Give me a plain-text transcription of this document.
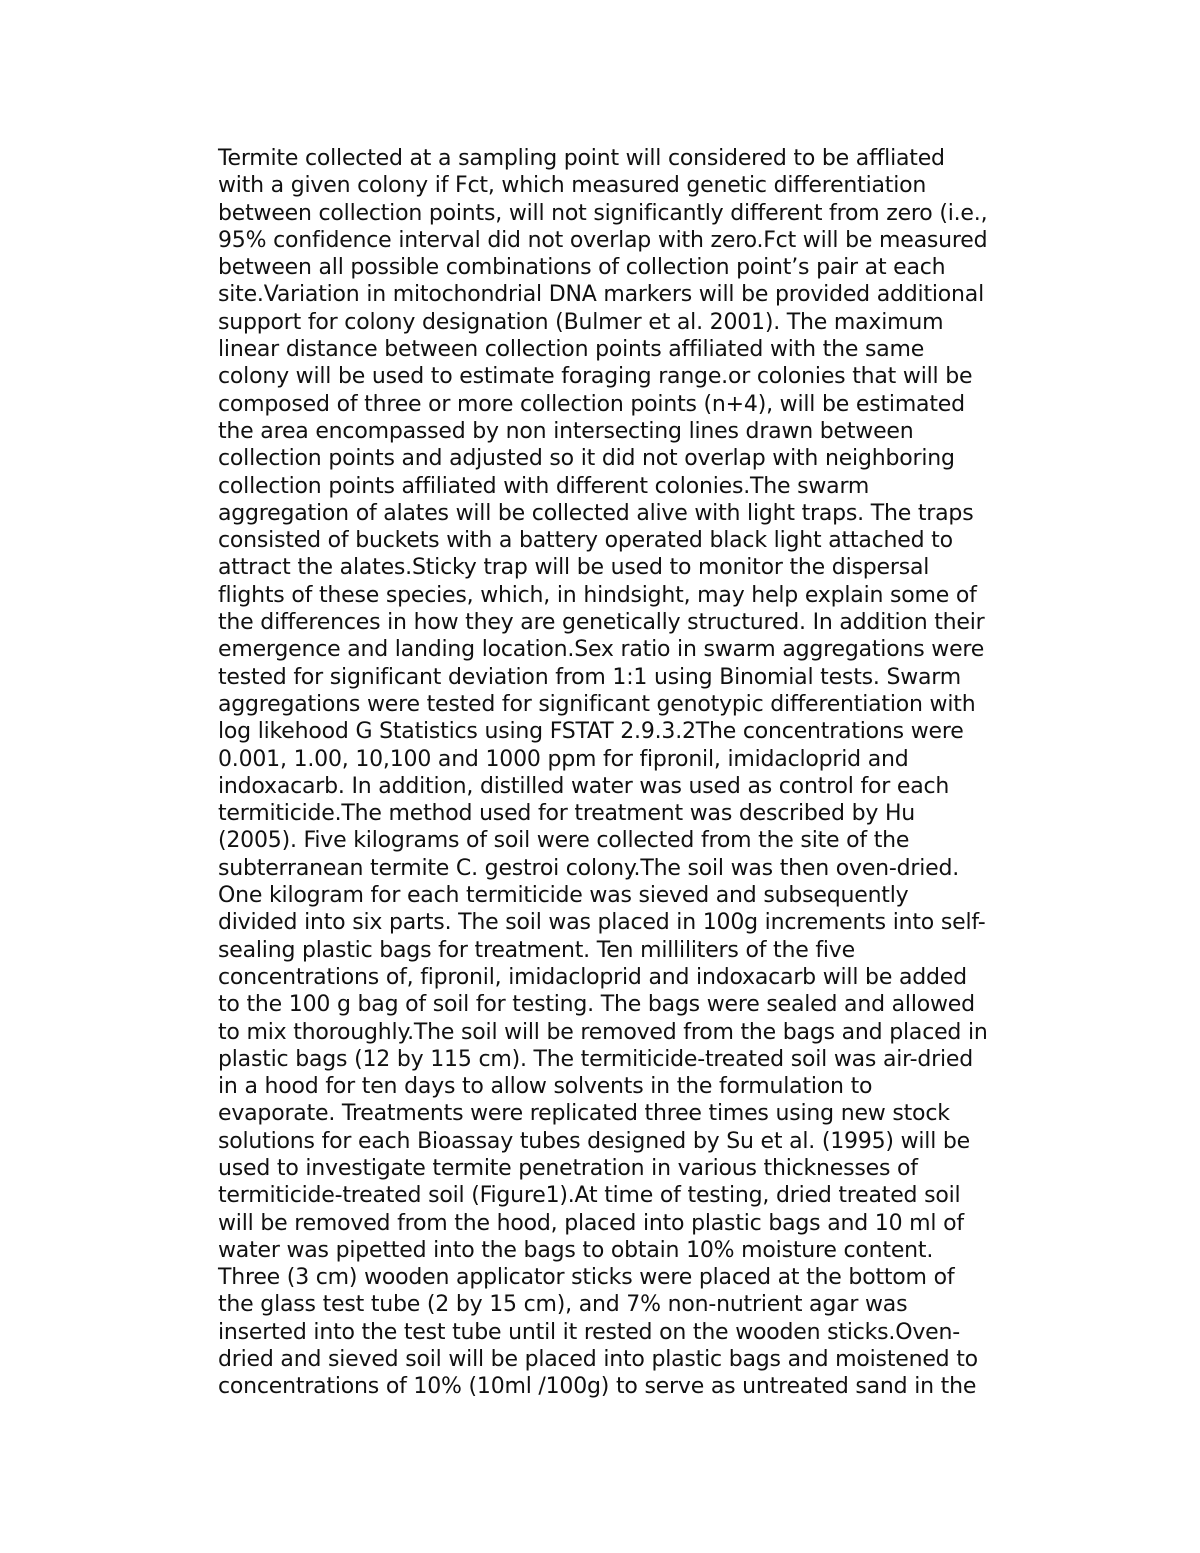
Termite collected at a sampling point will considered to be affliated
with a given colony if Fct, which measured genetic differentiation
between collection points, will not significantly different from zero (i.e.,
95% confidence interval did not overlap with zero.Fct will be measured
between all possible combinations of collection point’s pair at each
site.Variation in mitochondrial DNA markers will be provided additional
support for colony designation (Bulmer et al. 2001). The maximum
linear distance between collection points affiliated with the same
colony will be used to estimate foraging range.or colonies that will be
composed of three or more collection points (n+4), will be estimated
the area encompassed by non intersecting lines drawn between
collection points and adjusted so it did not overlap with neighboring
collection points affiliated with different colonies.The swarm
aggregation of alates will be collected alive with light traps. The traps
consisted of buckets with a battery operated black light attached to
attract the alates.Sticky trap will be used to monitor the dispersal
flights of these species, which, in hindsight, may help explain some of
the differences in how they are genetically structured. In addition their
emergence and landing location.Sex ratio in swarm aggregations were
tested for significant deviation from 1:1 using Binomial tests. Swarm
aggregations were tested for significant genotypic differentiation with
log likehood G Statistics using FSTAT 2.9.3.2The concentrations were
0.001, 1.00, 10,100 and 1000 ppm for fipronil, imidacloprid and
indoxacarb. In addition, distilled water was used as control for each
termiticide.The method used for treatment was described by Hu
(2005). Five kilograms of soil were collected from the site of the
subterranean termite C. gestroi colony.The soil was then oven-dried.
One kilogram for each termiticide was sieved and subsequently
divided into six parts. The soil was placed in 100g increments into self-
sealing plastic bags for treatment. Ten milliliters of the five
concentrations of, fipronil, imidacloprid and indoxacarb will be added
to the 100 g bag of soil for testing. The bags were sealed and allowed
to mix thoroughly.The soil will be removed from the bags and placed in
plastic bags (12 by 115 cm). The termiticide-treated soil was air-dried
in a hood for ten days to allow solvents in the formulation to
evaporate. Treatments were replicated three times using new stock
solutions for each Bioassay tubes designed by Su et al. (1995) will be
used to investigate termite penetration in various thicknesses of
termiticide-treated soil (Figure1).At time of testing, dried treated soil
will be removed from the hood, placed into plastic bags and 10 ml of
water was pipetted into the bags to obtain 10% moisture content.
Three (3 cm) wooden applicator sticks were placed at the bottom of
the glass test tube (2 by 15 cm), and 7% non-nutrient agar was
inserted into the test tube until it rested on the wooden sticks.Oven-
dried and sieved soil will be placed into plastic bags and moistened to
concentrations of 10% (10ml /100g) to serve as untreated sand in the
